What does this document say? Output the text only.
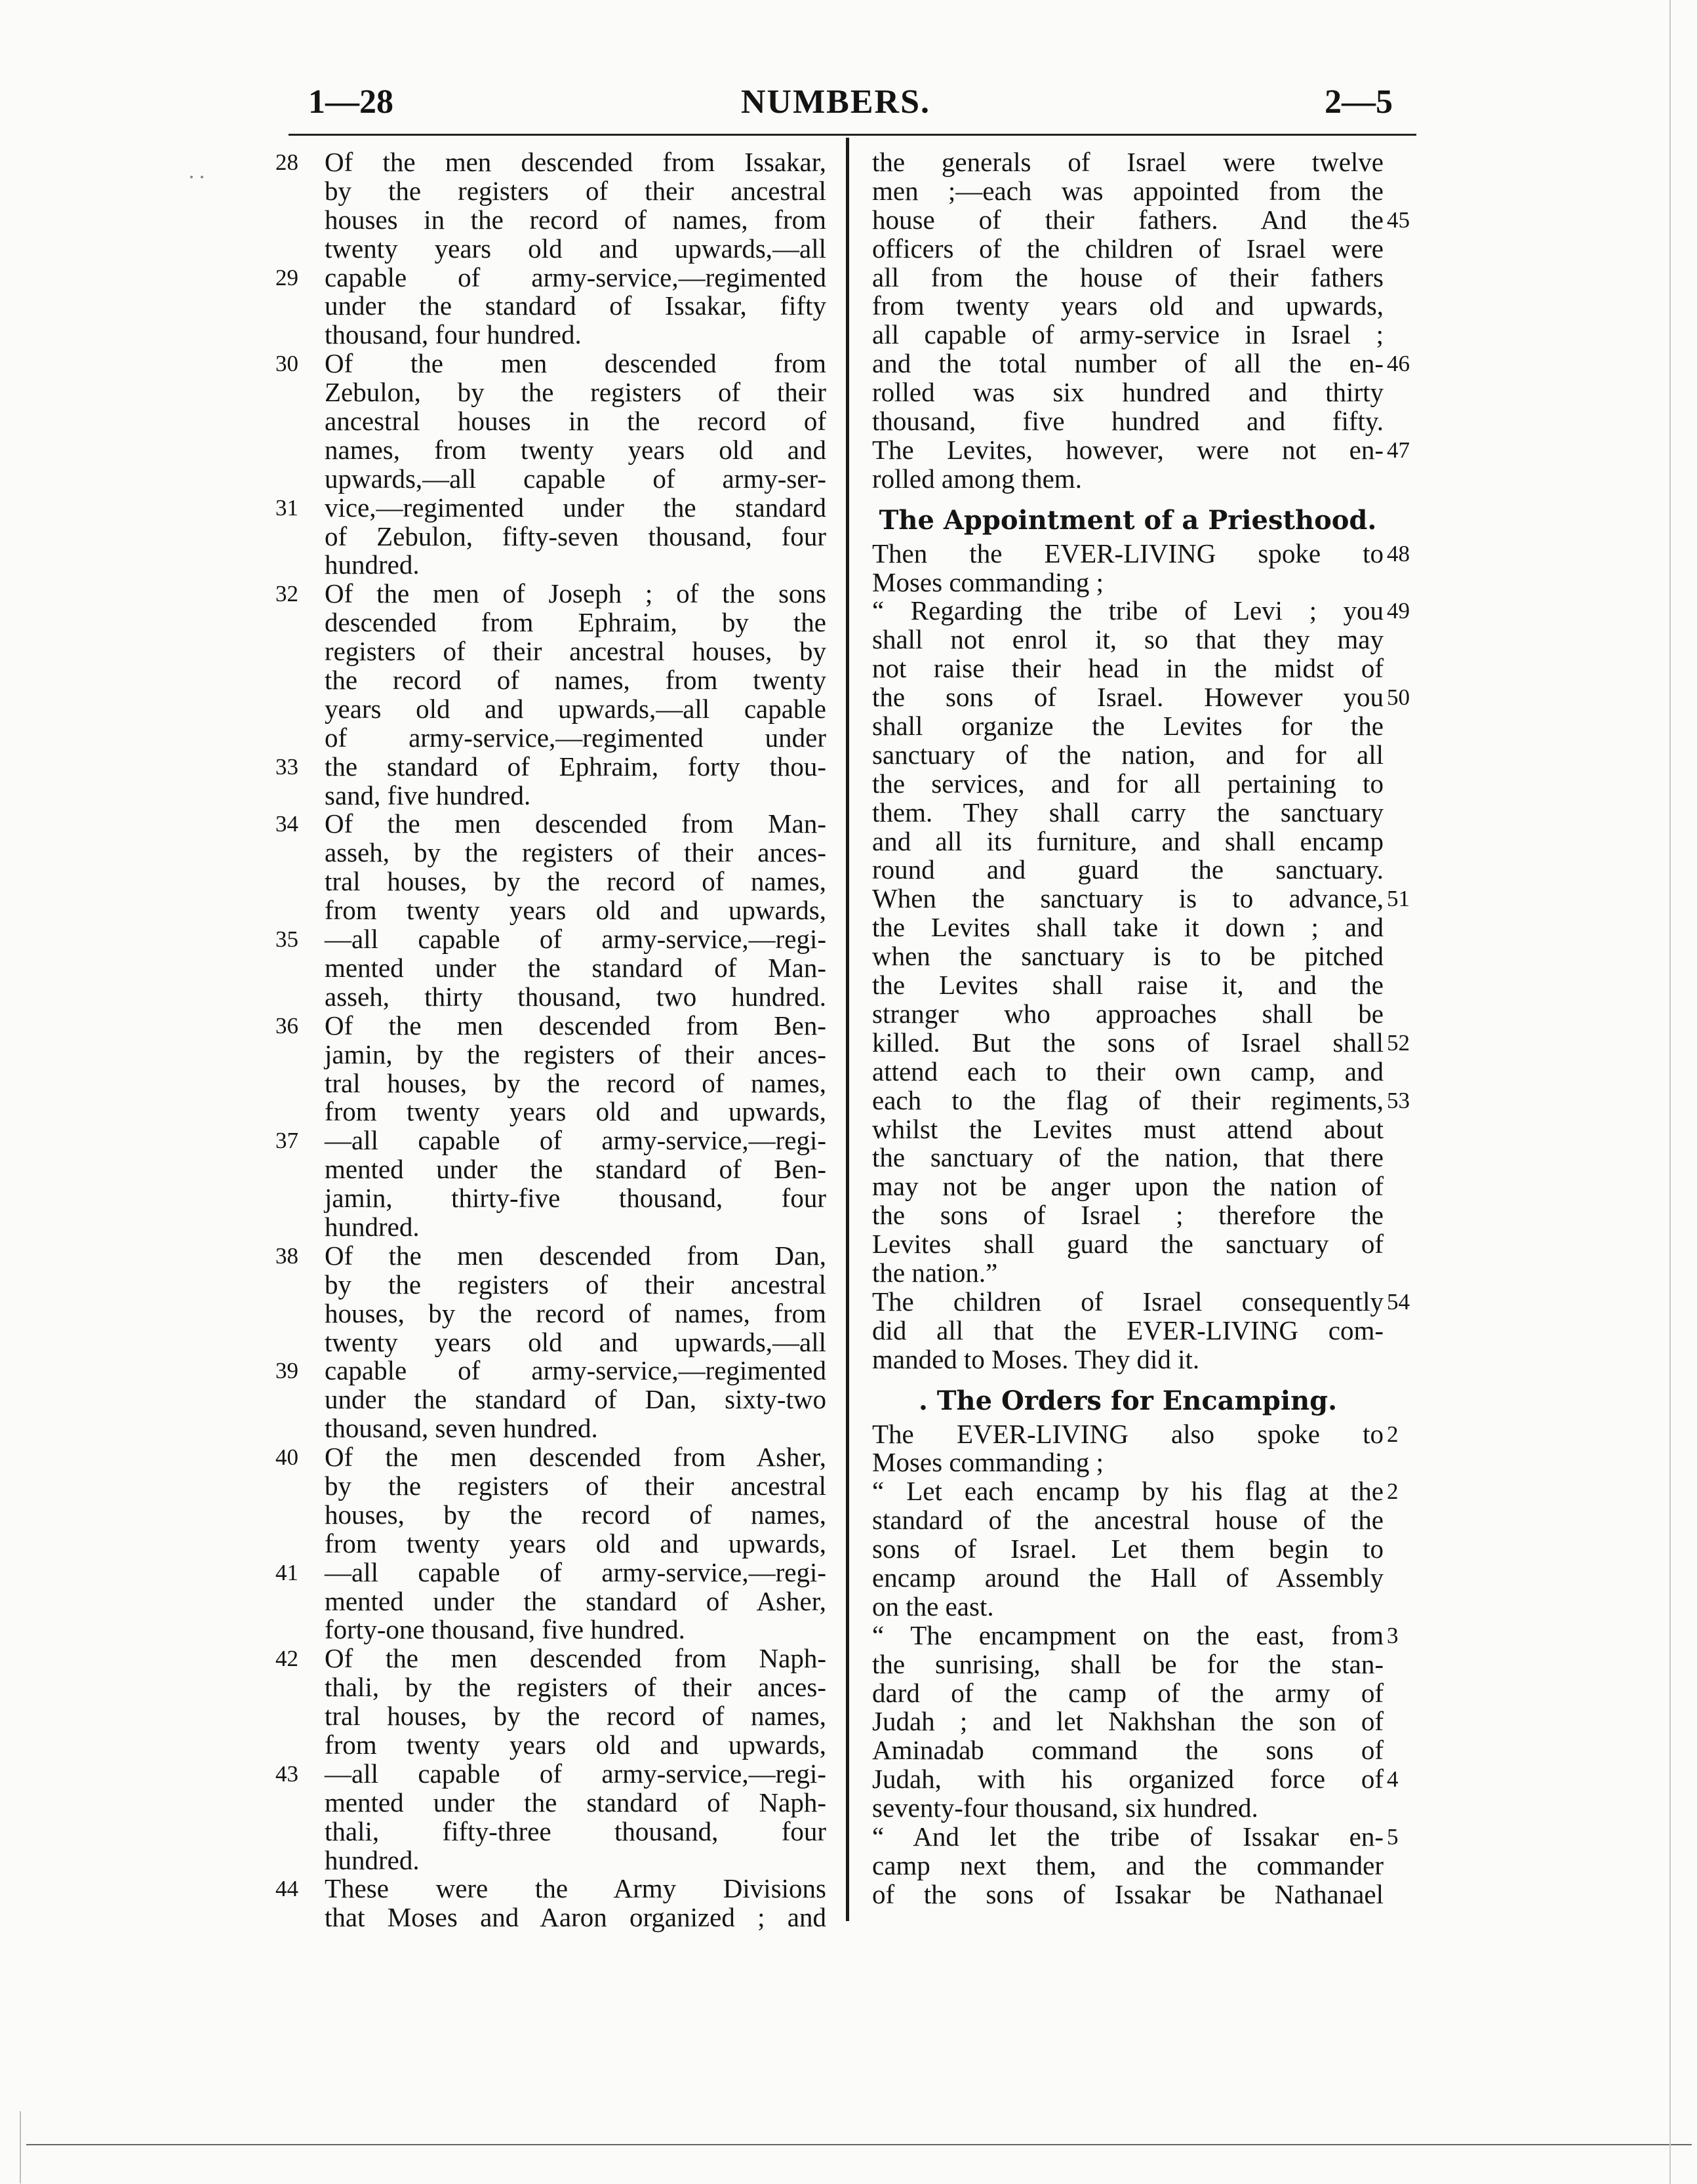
1—28	NUMBERS.	2—5
28 Of the men descended from Issakar,
by the registers of their ancestral
houses in the record of names, from
twenty years old and upwards,—all
29 capable of army-service,—regimented
under the standard of Issakar, fifty
thousand, four hundred.
30 Of the men descended from
Zebulon, by the registers of their
ancestral houses in the record of
names, from twenty years old and
upwards,—all capable of army-ser-
31 vice,—regimented under the standard
of Zebulon, fifty-seven thousand, four
hundred.
32 Of the men of Joseph ; of the sons
descended from Ephraim, by the
registers of their ancestral houses, by
the record of names, from twenty
years old and upwards,—all capable
of army-service,—regimented under
33 the standard of Ephraim, forty thou-
sand, five hundred.
34 Of the men descended from Man-
asseh, by the registers of their ances-
tral houses, by the record of names,
from twenty years old and upwards,
35 —all capable of army-service,—regi-
mented under the standard of Man-
asseh, thirty thousand, two hundred.
36 Of the men descended from Ben-
jamin, by the registers of their ances-
tral houses, by the record of names,
from twenty years old and upwards,
37 —all capable of army-service,—regi-
mented under the standard of Ben-
jamin, thirty-five thousand, four
hundred.
38 Of the men descended from Dan,
by the registers of their ancestral
houses, by the record of names, from
twenty years old and upwards,—all
39 capable of army-service,—regimented
under the standard of Dan, sixty-two
thousand, seven hundred.
40 Of the men descended from Asher,
by the registers of their ancestral
houses, by the record of names,
from twenty years old and upwards,
41 —all capable of army-service,—regi-
mented under the standard of Asher,
forty-one thousand, five hundred.
42 Of the men descended from Naph-
thali, by the registers of their ances-
tral houses, by the record of names,
from twenty years old and upwards,
43 —all capable of army-service,—regi-
mented under the standard of Naph-
thali, fifty-three thousand, four
hundred.
44 These were the Army Divisions
that Moses and Aaron organized ; and
the generals of Israel were twelve
men ;—each was appointed from the
45
house of their fathers. And the
officers of the children of Israel were
all from the house of their fathers
from twenty years old and upwards,
all capable of army-service in Israel ;
46
and the total number of all the en-
rolled was six hundred and thirty
thousand, five hundred and fifty.
47
The Levites, however, were not en-
rolled among them.
The Appointment of a Priesthood.
48
Then the EVER-LIVING spoke to
Moses commanding ;
49
“ Regarding the tribe of Levi ; you
shall not enrol it, so that they may
not raise their head in the midst of
50
the sons of Israel. However you
shall organize the Levites for the
sanctuary of the nation, and for all
the services, and for all pertaining to
them. They shall carry the sanctuary
and all its furniture, and shall encamp
round and guard the sanctuary.
51
When the sanctuary is to advance,
the Levites shall take it down ; and
when the sanctuary is to be pitched
the Levites shall raise it, and the
stranger who approaches shall be
52
killed. But the sons of Israel shall
attend each to their own camp, and
53
each to the flag of their regiments,
whilst the Levites must attend about
the sanctuary of the nation, that there
may not be anger upon the nation of
the sons of Israel ; therefore the
Levites shall guard the sanctuary of
the nation.”
54
The children of Israel consequently
did all that the EVER-LIVING com-
manded to Moses. They did it.
. The Orders for Encamping.
2
The EVER-LIVING also spoke to
Moses commanding ;
2
“ Let each encamp by his flag at the
standard of the ancestral house of the
sons of Israel. Let them begin to
encamp around the Hall of Assembly
on the east.
3
“ The encampment on the east, from
the sunrising, shall be for the stan-
dard of the camp of the army of
Judah ; and let Nakhshan the son of
Aminadab command the sons of
4
Judah, with his organized force of
seventy-four thousand, six hundred.
5
“ And let the tribe of Issakar en-
camp next them, and the commander
of the sons of Issakar be Nathanael
